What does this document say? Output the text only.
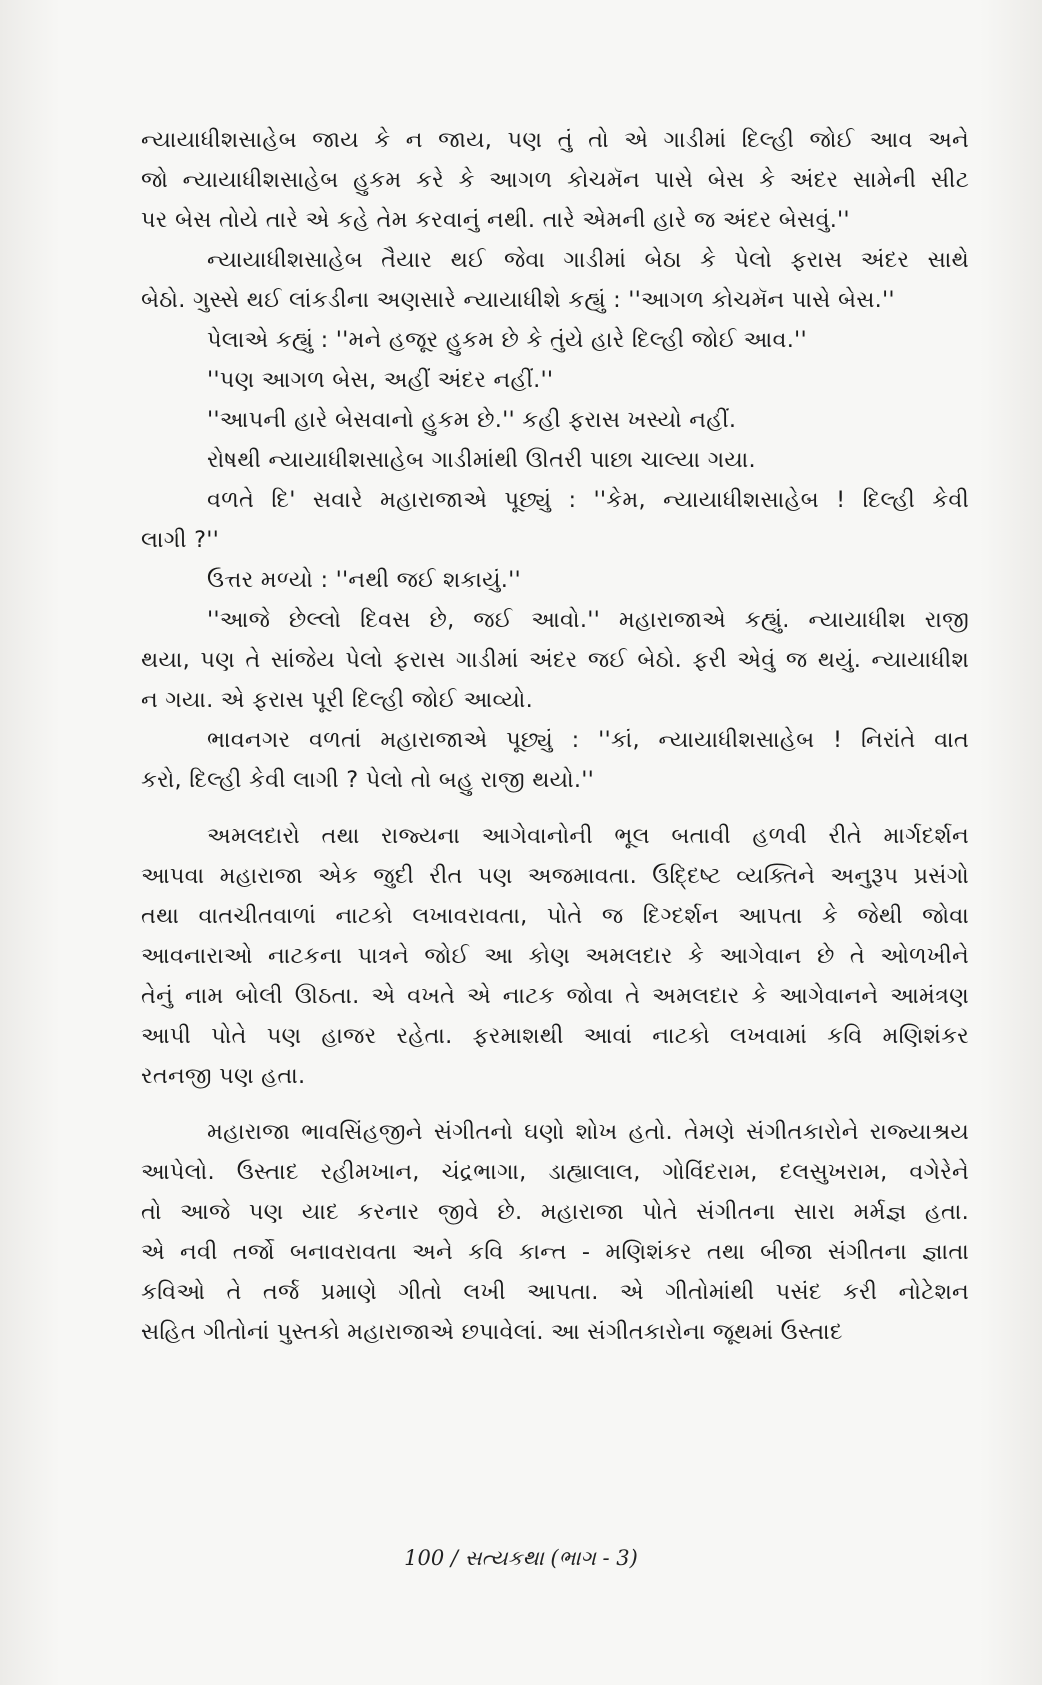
ન્યાયાધીશસાહેબ જાય કે ન જાય, પણ તું તો એ ગાડીમાં દિલ્હી જોઈ આવ અને
જો ન્યાયાધીશસાહેબ હુકમ કરે કે આગળ કોચમૅન પાસે બેસ કે અંદર સામેની સીટ
પર બેસ તોયે તારે એ કહે તેમ કરવાનું નથી. તારે એમની હારે જ અંદર બેસવું.''
ન્યાયાધીશસાહેબ તૈયાર થઈ જેવા ગાડીમાં બેઠા કે પેલો ફરાસ અંદર સાથે
બેઠો. ગુસ્સે થઈ લાંકડીના અણસારે ન્યાયાધીશે કહ્યું : ''આગળ કોચમૅન પાસે બેસ.''
પેલાએ કહ્યું : ''મને હજૂર હુકમ છે કે તુંયે હારે દિલ્હી જોઈ આવ.''
''પણ આગળ બેસ, અહીં અંદર નહીં.''
''આપની હારે બેસવાનો હુકમ છે.'' કહી ફરાસ ખસ્યો નહીં.
રોષથી ન્યાયાધીશસાહેબ ગાડીમાંથી ઊતરી પાછા ચાલ્યા ગયા.
વળતે દિ' સવારે મહારાજાએ પૂછ્યું : ''કેમ, ન્યાયાધીશસાહેબ ! દિલ્હી કેવી
લાગી ?''
ઉત્તર મળ્યો : ''નથી જઈ શકાયું.''
''આજે છેલ્લો દિવસ છે, જઈ આવો.'' મહારાજાએ કહ્યું. ન્યાયાધીશ રાજી
થયા, પણ તે સાંજેય પેલો ફરાસ ગાડીમાં અંદર જઈ બેઠો. ફરી એવું જ થયું. ન્યાયાધીશ
ન ગયા. એ ફરાસ પૂરી દિલ્હી જોઈ આવ્યો.
ભાવનગર વળતાં મહારાજાએ પૂછ્યું : ''કાં, ન્યાયાધીશસાહેબ ! નિરાંતે વાત
કરો, દિલ્હી કેવી લાગી ? પેલો તો બહુ રાજી થયો.''
અમલદારો તથા રાજ્યના આગેવાનોની ભૂલ બતાવી હળવી રીતે માર્ગદર્શન
આપવા મહારાજા એક જુદી રીત પણ અજમાવતા. ઉદ્દિષ્ટ વ્યક્તિને અનુરૂપ પ્રસંગો
તથા વાતચીતવાળાં નાટકો લખાવરાવતા, પોતે જ દિગ્દર્શન આપતા કે જેથી જોવા
આવનારાઓ નાટકના પાત્રને જોઈ આ કોણ અમલદાર કે આગેવાન છે તે ઓળખીને
તેનું નામ બોલી ઊઠતા. એ વખતે એ નાટક જોવા તે અમલદાર કે આગેવાનને આમંત્રણ
આપી પોતે પણ હાજર રહેતા. ફરમાશથી આવાં નાટકો લખવામાં કવિ મણિશંકર
રતનજી પણ હતા.
મહારાજા ભાવસિંહજીને સંગીતનો ઘણો શોખ હતો. તેમણે સંગીતકારોને રાજ્યાશ્રય
આપેલો. ઉસ્તાદ રહીમખાન, ચંદ્રભાગા, ડાહ્યાલાલ, ગોવિંદરામ, દલસુખરામ, વગેરેને
તો આજે પણ યાદ કરનાર જીવે છે. મહારાજા પોતે સંગીતના સારા મર્મજ્ઞ હતા.
એ નવી તર્જો બનાવરાવતા અને કવિ કાન્ત - મણિશંકર તથા બીજા સંગીતના જ્ઞાતા
કવિઓ તે તર્જ પ્રમાણે ગીતો લખી આપતા. એ ગીતોમાંથી પસંદ કરી નોટેશન
સહિત ગીતોનાં પુસ્તકો મહારાજાએ છપાવેલાં. આ સંગીતકારોના જૂથમાં ઉસ્તાદ
100 / સત્યકથા (ભાગ - 3)
